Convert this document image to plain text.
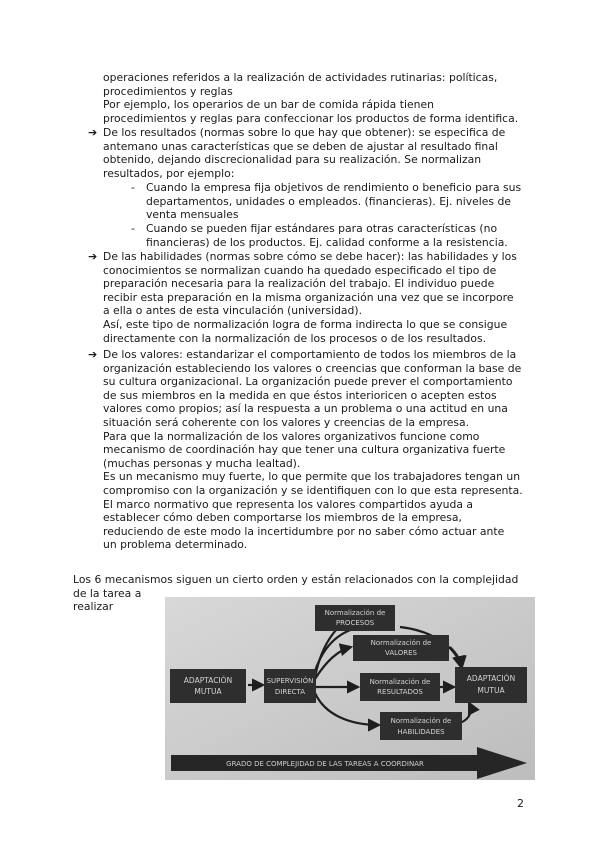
operaciones referidos a la realización de actividades rutinarias: políticas,
procedimientos y reglas
Por ejemplo, los operarios de un bar de comida rápida tienen
procedimientos y reglas para confeccionar los productos de forma identifica.
➔ De los resultados (normas sobre lo que hay que obtener): se especifica de
antemano unas características que se deben de ajustar al resultado final
obtenido, dejando discrecionalidad para su realización. Se normalizan
resultados, por ejemplo:
- Cuando la empresa fija objetivos de rendimiento o beneficio para sus
departamentos, unidades o empleados. (financieras). Ej. niveles de
venta mensuales
- Cuando se pueden fijar estándares para otras características (no
financieras) de los productos. Ej. calidad conforme a la resistencia.
➔ De las habilidades (normas sobre cómo se debe hacer): las habilidades y los
conocimientos se normalizan cuando ha quedado especificado el tipo de
preparación necesaria para la realización del trabajo. El individuo puede
recibir esta preparación en la misma organización una vez que se incorpore
a ella o antes de esta vinculación (universidad).
Así, este tipo de normalización logra de forma indirecta lo que se consigue
directamente con la normalización de los procesos o de los resultados.
➔ De los valores: estandarizar el comportamiento de todos los miembros de la
organización estableciendo los valores o creencias que conforman la base de
su cultura organizacional. La organización puede prever el comportamiento
de sus miembros en la medida en que éstos interioricen o acepten estos
valores como propios; así la respuesta a un problema o una actitud en una
situación será coherente con los valores y creencias de la empresa.
Para que la normalización de los valores organizativos funcione como
mecanismo de coordinación hay que tener una cultura organizativa fuerte
(muchas personas y mucha lealtad).
Es un mecanismo muy fuerte, lo que permite que los trabajadores tengan un
compromiso con la organización y se identifiquen con lo que esta representa.
El marco normativo que representa los valores compartidos ayuda a
establecer cómo deben comportarse los miembros de la empresa,
reduciendo de este modo la incertidumbre por no saber cómo actuar ante
un problema determinado.
Los 6 mecanismos siguen un cierto orden y están relacionados con la complejidad
de la tarea a
realizar
ADAPTACIÓN
MUTUA
SUPERVISIÓN
DIRECTA
Normalización de
PROCESOS
Normalización de
VALORES
Normalización de
RESULTADOS
Normalización de
HABILIDADES
ADAPTACIÓN
MUTUA
GRADO DE COMPLEJIDAD DE LAS TAREAS A COORDINAR
2
